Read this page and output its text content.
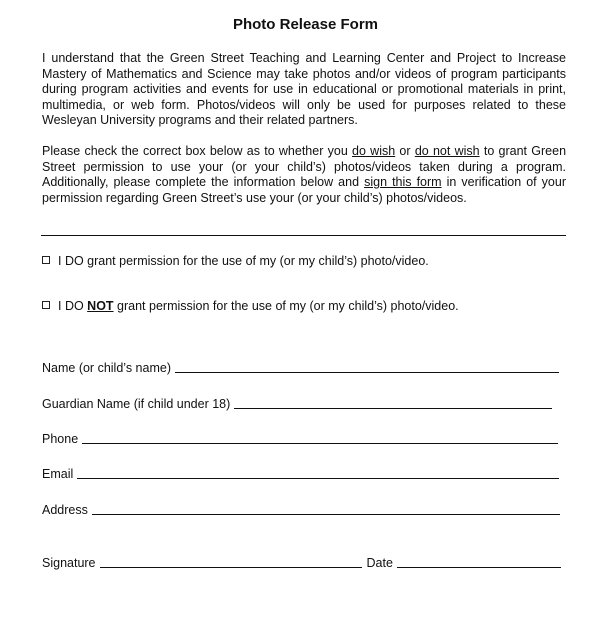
Photo Release Form

I understand that the Green Street Teaching and Learning Center and Project to Increase Mastery of Mathematics and Science may take photos and/or videos of program participants during program activities and events for use in educational or promotional materials in print, multimedia, or web form. Photos/videos will only be used for purposes related to these Wesleyan University programs and their related partners.

Please check the correct box below as to whether you do wish or do not wish to grant Green Street permission to use your (or your child’s) photos/videos taken during a program. Additionally, please complete the information below and sign this form in verification of your permission regarding Green Street’s use your (or your child’s) photos/videos.

I DO grant permission for the use of my (or my child’s) photo/video.
I DO NOT grant permission for the use of my (or my child’s) photo/video.
Name (or child’s name)
Guardian Name (if child under 18)
Phone
Email
Address
Signature	Date
